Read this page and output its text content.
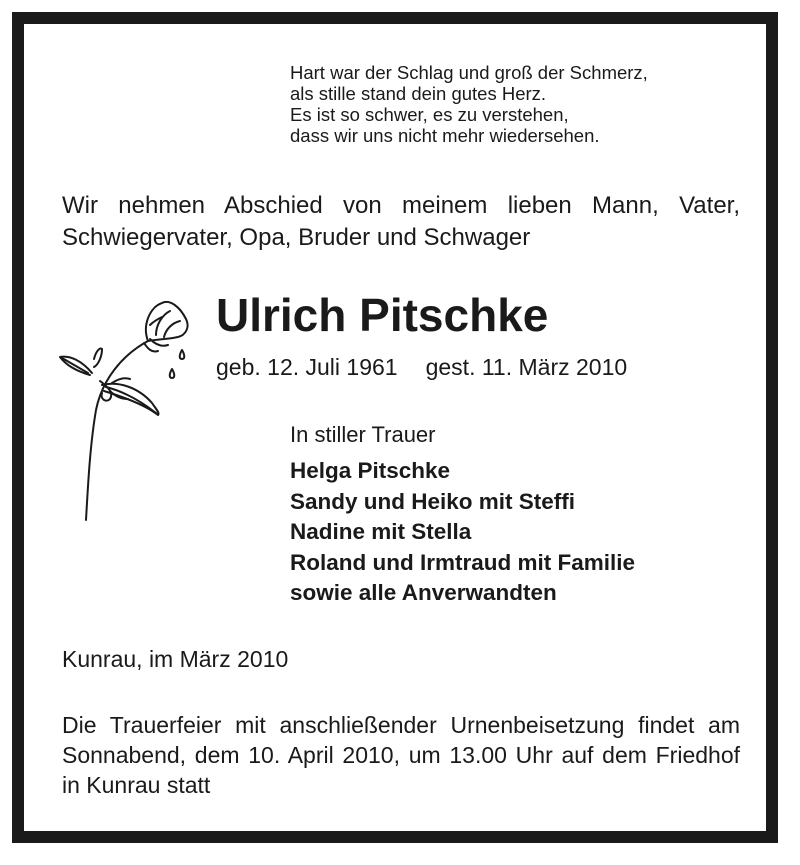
Hart war der Schlag und groß der Schmerz,
als stille stand dein gutes Herz.
Es ist so schwer, es zu verstehen,
dass wir uns nicht mehr wiedersehen.
Wir nehmen Abschied von meinem lieben Mann, Vater, Schwiegervater, Opa, Bruder und Schwager
Ulrich Pitschke
geb. 12. Juli 1961 gest. 11. März 2010
In stiller Trauer
Helga Pitschke
Sandy und Heiko mit Steffi
Nadine mit Stella
Roland und Irmtraud mit Familie
sowie alle Anverwandten
Kunrau, im März 2010
Die Trauerfeier mit anschließender Urnenbeisetzung findet am Sonnabend, dem 10. April 2010, um 13.00 Uhr auf dem Friedhof in Kunrau statt
